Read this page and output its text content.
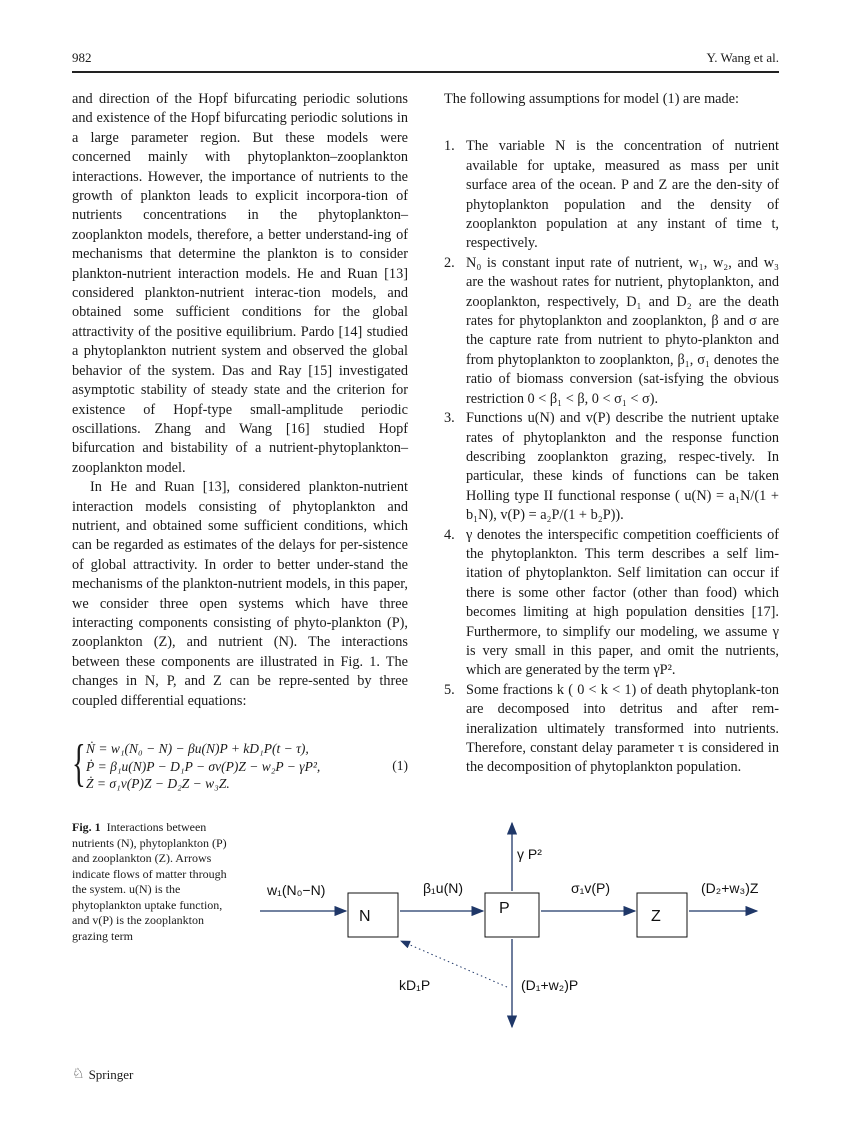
982	Y. Wang et al.

and direction of the Hopf bifurcating periodic solutions and existence of the Hopf bifurcating periodic solutions in a large parameter region. But these models were concerned mainly with phytoplankton–zooplankton interactions. However, the importance of nutrients to the growth of plankton leads to explicit incorpora-tion of nutrients concentrations in the phytoplankton–zooplankton models, therefore, a better understand-ing of mechanisms that determine the plankton is to consider plankton-nutrient interaction models. He and Ruan [13] considered plankton-nutrient interac-tion models, and obtained some sufficient conditions for the global attractivity of the positive equilibrium. Pardo [14] studied a phytoplankton nutrient system and observed the global behavior of the system. Das and Ray [15] investigated asymptotic stability of steady state and the criterion for existence of Hopf-type small-amplitude periodic oscillations. Zhang and Wang [16] studied Hopf bifurcation and bistability of a nutrient-phytoplankton–zooplankton model.

In He and Ruan [13], considered plankton-nutrient interaction models consisting of phytoplankton and nutrient, and obtained some sufficient conditions, which can be regarded as estimates of the delays for per-sistence of global attractivity. In order to better under-stand the mechanisms of the plankton-nutrient models, in this paper, we consider three open systems which have three interacting components consisting of phyto-plankton (P), zooplankton (Z), and nutrient (N). The interactions between these components are illustrated in Fig. 1. The changes in N, P, and Z can be repre-sented by three coupled differential equations:

{ Ṅ = w₁(N₀ − N) − βu(N)P + kD₁P(t − τ),
Ṗ = β₁u(N)P − D₁P − σv(P)Z − w₂P − γP²,
Ż = σ₁v(P)Z − D₂Z − w₃Z.
(1)

The following assumptions for model (1) are made:

1. The variable N is the concentration of nutrient available for uptake, measured as mass per unit surface area of the ocean. P and Z are the den-sity of phytoplankton population and the density of zooplankton population at any instant of time t, respectively.
2. N₀ is constant input rate of nutrient, w₁, w₂, and w₃ are the washout rates for nutrient, phytoplankton, and zooplankton, respectively, D₁ and D₂ are the death rates for phytoplankton and zooplankton, β and σ are the capture rate from nutrient to phyto-plankton and from phytoplankton to zooplankton, β₁, σ₁ denotes the ratio of biomass conversion (sat-isfying the obvious restriction 0 < β₁ < β, 0 < σ₁ < σ).
3. Functions u(N) and v(P) describe the nutrient uptake rates of phytoplankton and the response function describing zooplankton grazing, respec-tively. In particular, these kinds of functions can be taken Holling type II functional response ( u(N) = a₁N/(1 + b₁N), v(P) = a₂P/(1 + b₂P)).
4. γ denotes the interspecific competition coefficients of the phytoplankton. This term describes a self lim-itation of phytoplankton. Self limitation can occur if there is some other factor (other than food) which becomes limiting at high population densities [17]. Furthermore, to simplify our modeling, we assume γ is very small in this paper, and omit the nutrients, which are generated by the term γP².
5. Some fractions k ( 0 < k < 1) of death phytoplank-ton are decomposed into detritus and after rem-ineralization ultimately transformed into nutrients. Therefore, constant delay parameter τ is considered in the decomposition of phytoplankton population.
Fig. 1 Interactions between nutrients (N), phytoplankton (P) and zooplankton (Z). Arrows indicate flows of matter through the system. u(N) is the phytoplankton uptake function, and v(P) is the zooplankton grazing term
N	P	Z
w₁(N₀−N)	β₁u(N)	σ₁v(P)	(D₂+w₃)Z
γ P²
kD₁P	(D₁+w₂)P
♘ Springer
